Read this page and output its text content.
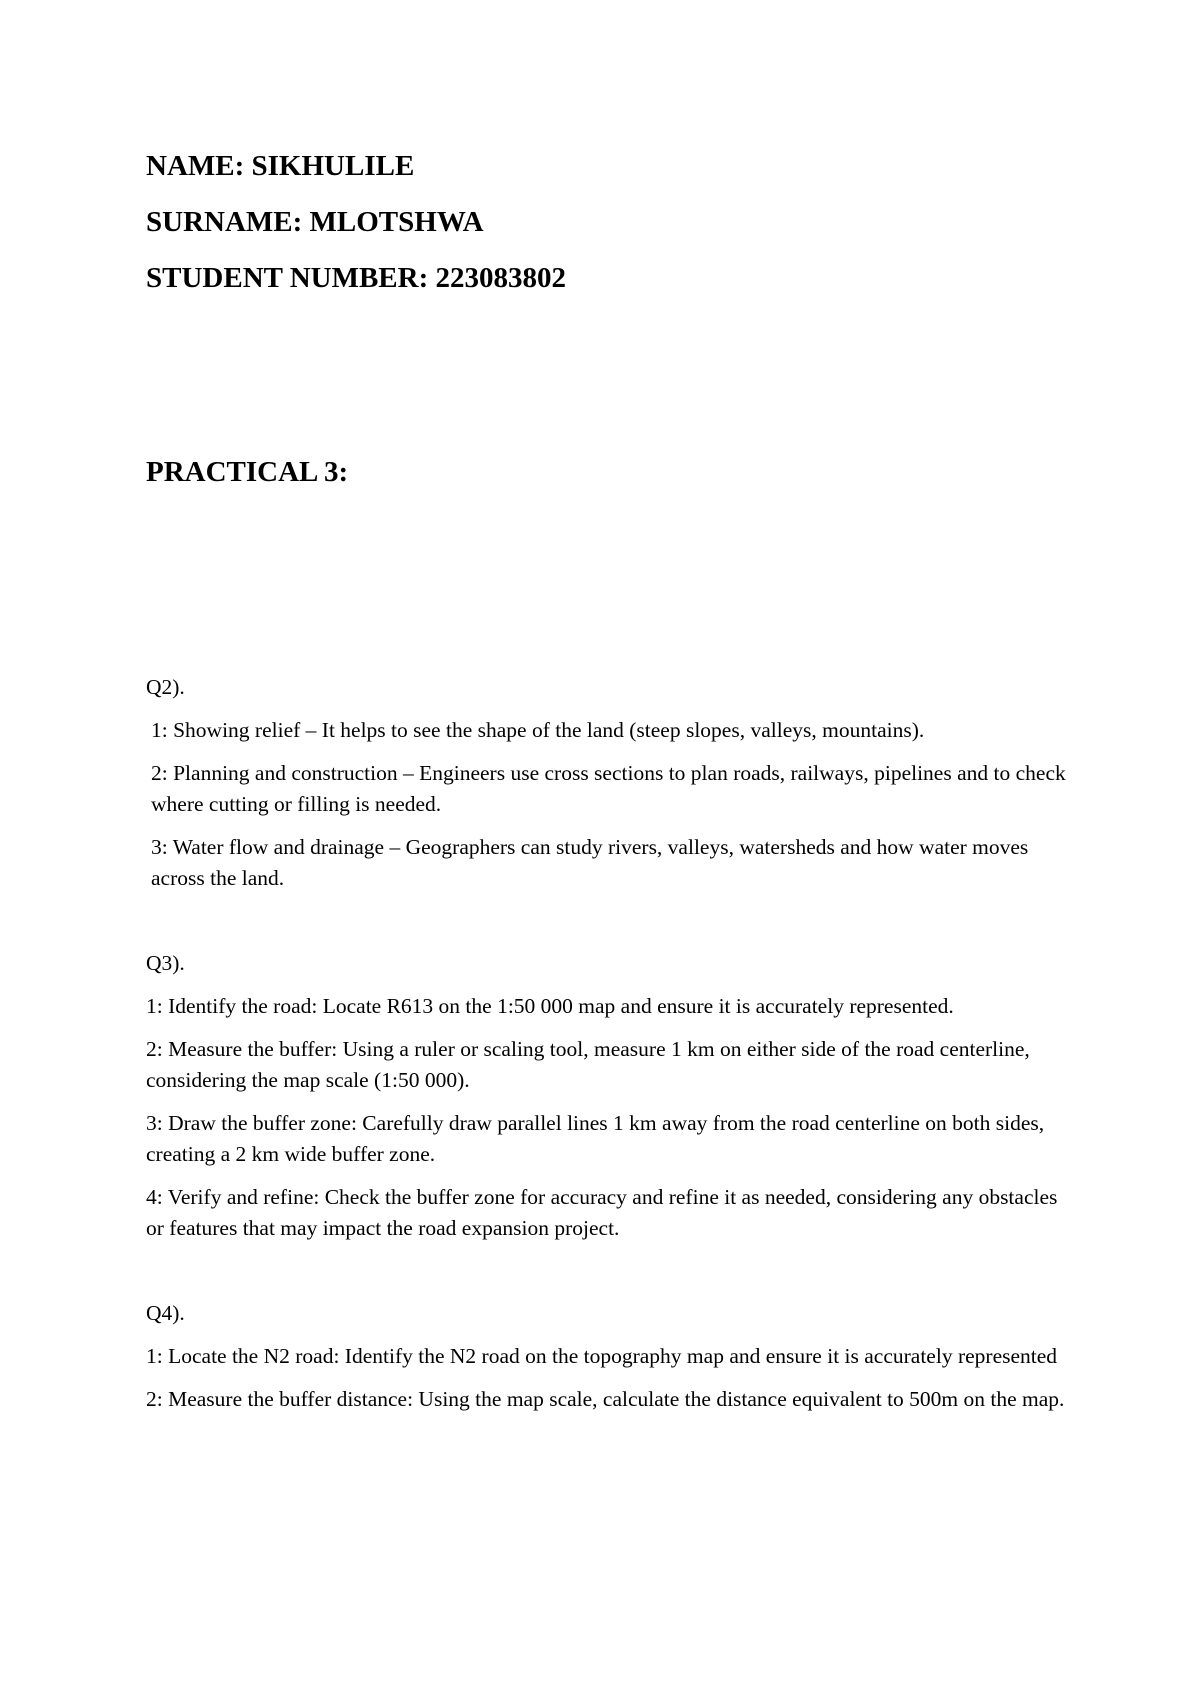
NAME: SIKHULILE
SURNAME: MLOTSHWA
STUDENT NUMBER: 223083802
PRACTICAL 3:
Q2).
1: Showing relief – It helps to see the shape of the land (steep slopes, valleys, mountains).
2: Planning and construction – Engineers use cross sections to plan roads, railways, pipelines and to check where cutting or filling is needed.
3: Water flow and drainage – Geographers can study rivers, valleys, watersheds and how water moves across the land.
Q3).
1: Identify the road: Locate R613 on the 1:50 000 map and ensure it is accurately represented.
2: Measure the buffer: Using a ruler or scaling tool, measure 1 km on either side of the road centerline, considering the map scale (1:50 000).
3: Draw the buffer zone: Carefully draw parallel lines 1 km away from the road centerline on both sides, creating a 2 km wide buffer zone.
4: Verify and refine: Check the buffer zone for accuracy and refine it as needed, considering any obstacles or features that may impact the road expansion project.
Q4).
1: Locate the N2 road: Identify the N2 road on the topography map and ensure it is accurately represented
2: Measure the buffer distance: Using the map scale, calculate the distance equivalent to 500m on the map.
